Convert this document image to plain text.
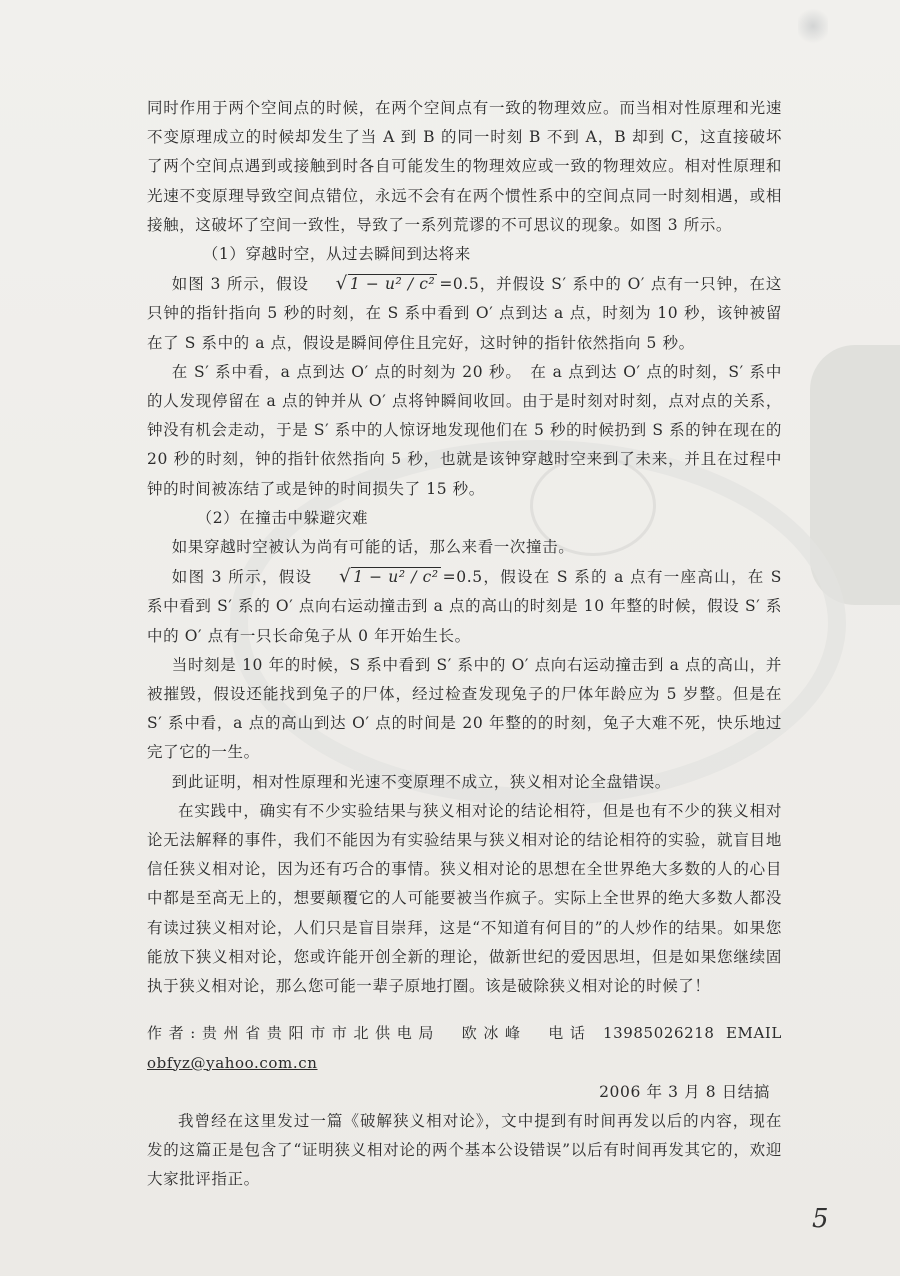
同时作用于两个空间点的时候，在两个空间点有一致的物理效应。而当相对性原理和光速不变原理成立的时候却发生了当 A 到 B 的同一时刻 B 不到 A，B 却到 C，这直接破坏了两个空间点遇到或接触到时各自可能发生的物理效应或一致的物理效应。相对性原理和光速不变原理导致空间点错位，永远不会有在两个惯性系中的空间点同一时刻相遇，或相接触，这破坏了空间一致性，导致了一系列荒谬的不可思议的现象。如图 3 所示。

（1）穿越时空，从过去瞬间到达将来

如图 3 所示，假设 √ 1 − u² / c² =0.5，并假设 S′ 系中的 O′ 点有一只钟，在这只钟的指针指向 5 秒的时刻，在 S 系中看到 O′ 点到达 a 点，时刻为 10 秒，该钟被留在了 S 系中的 a 点，假设是瞬间停住且完好，这时钟的指针依然指向 5 秒。

在 S′ 系中看，a 点到达 O′ 点的时刻为 20 秒。　在 a 点到达 O′ 点的时刻，S′ 系中的人发现停留在 a 点的钟并从 O′ 点将钟瞬间收回。由于是时刻对时刻，点对点的关系，钟没有机会走动，于是 S′ 系中的人惊讶地发现他们在 5 秒的时候扔到 S 系的钟在现在的 20 秒的时刻，钟的指针依然指向 5 秒，也就是该钟穿越时空来到了未来，并且在过程中钟的时间被冻结了或是钟的时间损失了 15 秒。

（2）在撞击中躲避灾难

如果穿越时空被认为尚有可能的话，那么来看一次撞击。

如图 3 所示，假设 √ 1 − u² / c² =0.5，假设在 S 系的 a 点有一座高山，在 S 系中看到 S′ 系的 O′ 点向右运动撞击到 a 点的高山的时刻是 10 年整的时候，假设 S′ 系中的 O′ 点有一只长命兔子从 0 年开始生长。

当时刻是 10 年的时候，S 系中看到 S′ 系中的 O′ 点向右运动撞击到 a 点的高山，并被摧毁，假设还能找到兔子的尸体，经过检查发现兔子的尸体年龄应为 5 岁整。但是在 S′ 系中看，a 点的高山到达 O′ 点的时间是 20 年整的的时刻，兔子大难不死，快乐地过完了它的一生。

到此证明，相对性原理和光速不变原理不成立，狭义相对论全盘错误。

在实践中，确实有不少实验结果与狭义相对论的结论相符，但是也有不少的狭义相对论无法解释的事件，我们不能因为有实验结果与狭义相对论的结论相符的实验，就盲目地信任狭义相对论，因为还有巧合的事情。狭义相对论的思想在全世界绝大多数的人的心目中都是至高无上的，想要颠覆它的人可能要被当作疯子。实际上全世界的绝大多数人都没有读过狭义相对论，人们只是盲目崇拜，这是“不知道有何目的”的人炒作的结果。如果您能放下狭义相对论，您或许能开创全新的理论，做新世纪的爱因思坦，但是如果您继续固执于狭义相对论，那么您可能一辈子原地打圈。该是破除狭义相对论的时候了！

作者:贵州省贵阳市市北供电局　欧冰峰　电话 13985026218 EMAIL obfyz@yahoo.com.cn

2006 年 3 月 8 日结搞

我曾经在这里发过一篇《破解狭义相对论》，文中提到有时间再发以后的内容，现在发的这篇正是包含了“证明狭义相对论的两个基本公设错误”以后有时间再发其它的，欢迎大家批评指正。

5
